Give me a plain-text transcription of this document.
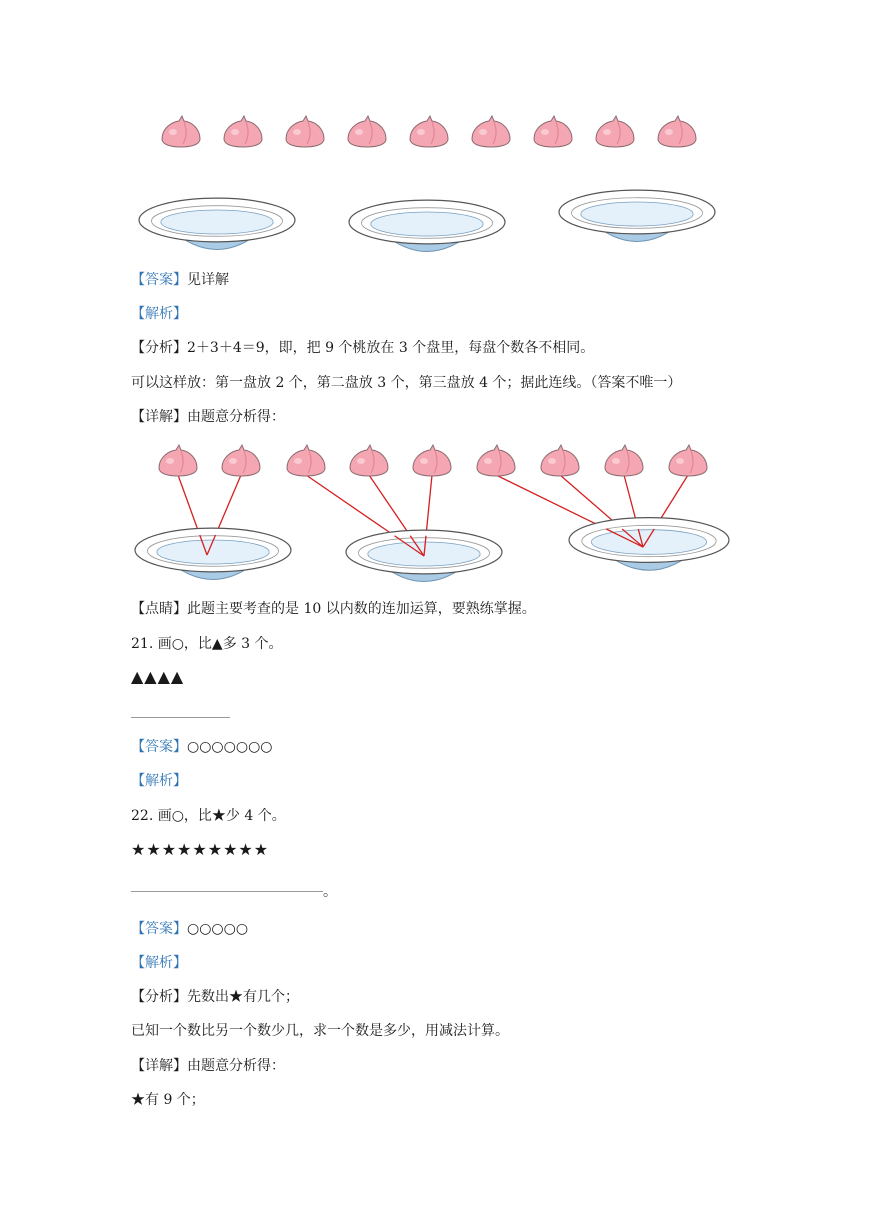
【答案】见详解
【解析】
【分析】2＋3＋4＝9，即，把 9 个桃放在 3 个盘里，每盘个数各不相同。
可以这样放：第一盘放 2 个，第二盘放 3 个，第三盘放 4 个；据此连线。（答案不唯一）
【详解】由题意分析得：
【点睛】此题主要考查的是 10 以内数的连加运算，要熟练掌握。
21. 画○，比▲多 3 个。
▲▲▲▲
【答案】○○○○○○○
【解析】
22. 画○，比★少 4 个。
★★★★★★★★★
。
【答案】○○○○○
【解析】
【分析】先数出★有几个；
已知一个数比另一个数少几，求一个数是多少，用减法计算。
【详解】由题意分析得：
★有 9 个；
